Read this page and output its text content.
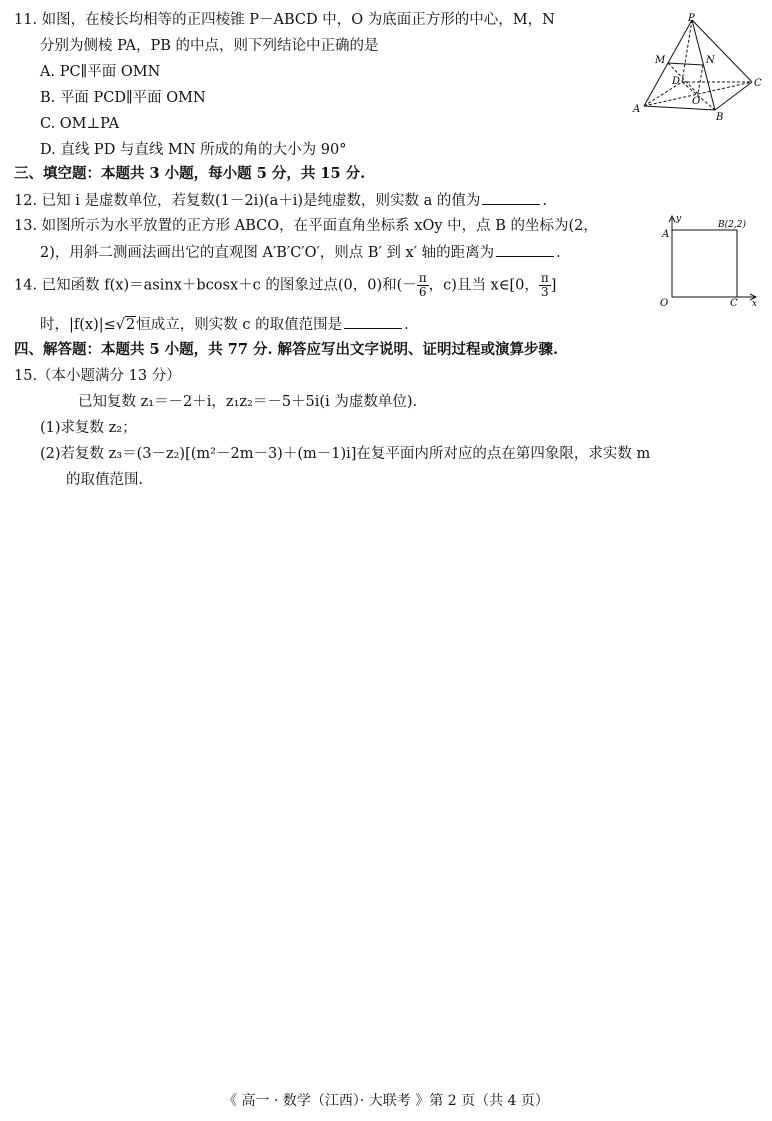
11. 如图，在棱长均相等的正四棱锥 P－ABCD 中，O 为底面正方形的中心，M，N
分别为侧棱 PA，PB 的中点，则下列结论中正确的是
A. PC∥平面 OMN
B. 平面 PCD∥平面 OMN
C. OM⊥PA
D. 直线 PD 与直线 MN 所成的角的大小为 90°
P
M	N
D
O
A
B
C
三、填空题：本题共 3 小题，每小题 5 分，共 15 分.
12. 已知 i 是虚数单位，若复数(1－2i)(a＋i)是纯虚数，则实数 a 的值为	.
13. 如图所示为水平放置的正方形 ABCO，在平面直角坐标系 xOy 中，点 B 的坐标为(2，
2)，用斜二测画法画出它的直观图 A′B′C′O′，则点 B′ 到 x′ 轴的距离为	.
y
A
B(2,2)
O	C x
14. 已知函数 f(x)＝asinx＋bcosx＋c 的图象过点(0，0)和(－ $\frac{\pi}{6}$ ，c)且当 x∈[0， $\frac{\pi}{3}$ ]
时，|f(x)|≤√2恒成立，则实数 c 的取值范围是	.
四、解答题：本题共 5 小题，共 77 分. 解答应写出文字说明、证明过程或演算步骤.
15.（本小题满分 13 分）
已知复数 z₁＝－2＋i，z₁z₂＝－5＋5i(i 为虚数单位).
(1)求复数 z₂；
(2)若复数 z₃＝(3－z₂)[(m²－2m－3)＋(m－1)i]在复平面内所对应的点在第四象限，求实数 m
的取值范围.
《 高一 · 数学（江西）· 大联考 》第 2 页（共 4 页）
